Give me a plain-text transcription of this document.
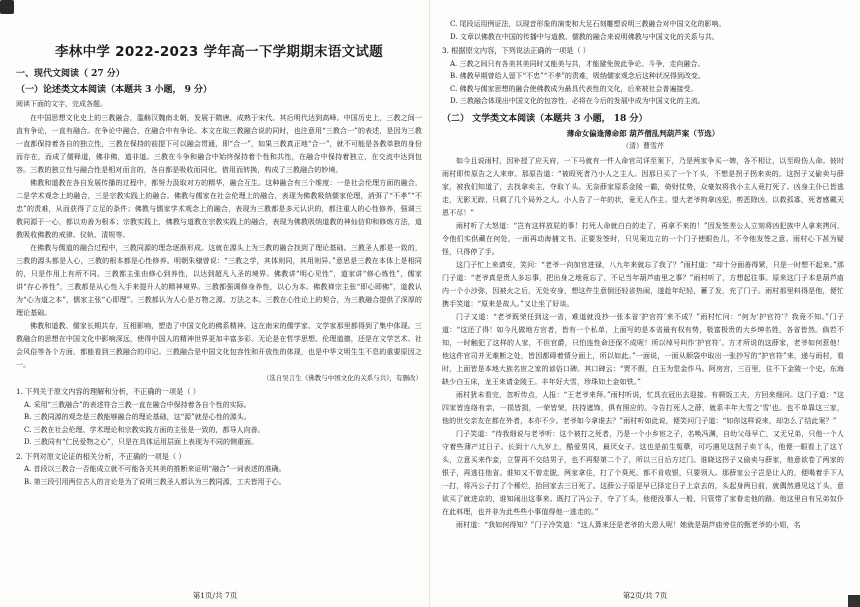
李林中学 2022-2023 学年高一下学期期末语文试题
一、现代文阅读（ 27 分）
（一）论述类文本阅读（本题共 3 小题， 9 分）
阅读下面的文字，完成各题。

在中国思想文化史上的三教融合，滥觞汉魏南北朝，发展于隋唐，成熟于宋代。其后明代达到高峰。中国历史上，三教之间一直有争论，一直有融合。在争论中融合，在融合中有争论。本文在取三教融合说的同时，也注意用“三教合一”的表述，是因为三教一直都保持着各自的独立性，三教在保持的前提下可以融会贯通，即“合一”，如果三教真正地“合一”，就不可能是各教单独的身份而存在，而成了儒释道，佛非佛，道非道。三教在斗争和融合中始终保持着个性和共性，在融合中保持着独立，在交流中达到包容。三教的独立性与融合性是相对而言的，各自都是吸收而同化，借用而转换，构成了三教融合的妙境。

佛教和道教在各自发展传播的过程中，都努力汲取对方的精华，融合互生。这种融合有三个维度：一是社会伦理方面的融合，二是学术观念上的融合，三是宗教实践上的融合。佛教与儒家在社会伦理上的融合，表现为佛教吸纳儒家伦理，消弭了“不孝”“不忠”的责难，从而获得了立足的条件；佛教与儒家学术观念上的融合，表现为三教都是多元认识的，都注重人的心性修养，强调三教同源于一心，都以劝善为根本；宗教实践上，佛教与道教在宗教实践上的融合，表现为佛教吸纳道教的神仙信仰和修炼方法，道教吸收佛教的戒律、仪轨、清规等。

在佛教与儒道的融合过程中，三教同源的理念逐渐形成。这就在源头上为三教的融合找到了理论基础。三教圣人都是一致的，三教的源头都是人心，三教的根本都是心性修养。明朝朱棣曾说：“三教之学，其体则同，其用则异。”意思是三教在本体上是相同的，只是作用上有所不同。三教都主张由修心到养性，以达到超凡入圣的境界。佛教讲“明心见性”，道家讲“修心炼性”，儒家讲“存心养性”，三教都是从心性入手来提升人的精神境界。三教都强调修身养性，以心为本。佛教禅宗主张“即心即佛”，道教认为“心为道之本”，儒家主张“心即理”。三教都认为人心是万物之源、万法之本。三教在心性论上的契合，为三教融合提供了深厚的理论基础。

佛教和道教、儒家长期共存，互相影响，塑造了中国文化的佛系精神。这在南宋的儒学家、文学家那里都得到了集中体现。三教融合的思想在中国文化中影响深远，使得中国人的精神世界更加丰富多彩。无论是在哲学思想、伦理道德，还是在文学艺术、社会风俗等各个方面，都能看到三教融合的印记。三教融合是中国文化包容性和开放性的体现，也是中华文明生生不息的重要原因之一。

（选自吴言生《佛教与中国文化的关系与共》，有删改）
1. 下列关于原文内容的理解和分析，不正确的一项是（ ）
A. 采用“三教融合”的表述符合三教一直在融合中保持着各自个性的实际。
B. 三教同源的观念是三教能够融合的理论基础，这“源”就是心性的源头。
C. 三教在社会伦理、学术理论和宗教实践方面的主张是一致的，都导人向善。
D. 三教同有“仁民爱物之心”，只是在具体运用层面上表现为不同的侧重面。
2. 下列对原文论证的相关分析，不正确的一项是（ ）
A. 首段以三教合一否能成立就不可能各关其美的推断来证明“融合”一词表述的准确。
B. 第三段引用两位古人的言论是为了说明三教圣人都认为三教同源，工夫皆用于心。
第1页/共 7页
C. 尾段运用例证法，以现音形象的演变和大足石刻雕塑说明三教融合对中国文化的影响。
D. 文章以佛教在中国的传播中与道教、儒教的融合来说明佛教与中国文化的关系与共。
3. 根据原文内容，下列说法正确的一项是（ ）
A. 三教之间只有各美其美同时又能美与共，才能避免彼此争论、斗争，走向融合。
B. 佛教早期曾给人留下“不忠”“不孝”的责难，吸纳儒家观念后这种状况得到改变。
C. 佛教与儒家思想的融合使佛教成为最具代表性的文化，后来被社会普遍接受。
D. 三教融合体现出中国文化的包容性，必将在今后的发展中成为中国文化的主流。
（二） 文学类文本阅读（本题共 3 小题， 18 分）
薄命女偏逢薄命郎 葫芦僧乱判葫芦案（节选）
（清）曹雪芹

如今且说雨村，因补授了应天府，一下马就有一件人命官司详至案下，乃是两家争买一婢，各不相让，以至殴伤人命。彼时雨村即传原告之人来审。那原告道：“被殴死者乃小人之主人。因那日买了一个丫头，不想是拐子拐来卖的。这拐子又偷卖与薛家，被我们知道了，去找拿卖主，夺取丫头。无奈薛家原系金陵一霸，倚财仗势，众豪奴将我小主人竟打死了。凶身主仆已皆逃走，无影无踪，只剩了几个局外之人。小人告了一年的状，竟无人作主。望大老爷拘拿凶犯，剪恶除凶，以救孤寡，死者感戴天恩不尽！”

雨村听了大怒道：“岂有这样放屁的事！打死人命就白白的走了，再拿不来的！”因发签差公人立刻将凶犯族中人拿来拷问，令他们实供藏在何处，一面再动海捕文书。正要发签时，只见案边立的一个门子使眼色儿，不令他发签之意。雨村心下甚为疑怪，只得停了手。

这门子忙上来请安，笑问：“老爷一向加官进禄，八九年来就忘了我了？”雨村道：“却十分面善得紧，只是一时想不起来。”那门子道：“老爷真是贵人多忘事，把出身之地竟忘了，不记当年葫芦庙里之事？”雨村听了，方想起往事。原来这门子本是葫芦庙内一个小沙弥，因被火之后，无处安身，想这件生意倒还轻省热闹，遂趁年纪轻，蓄了发，充了门子。雨村那里料得是他，便忙携手笑道：“原来是故人。”又让坐了好谈。

门子又道：“老爷既荣任到这一省，难道就没抄一张本省‘护官符’来不成？”雨村忙问：“何为‘护官符’？我竟不知。”门子道：“这还了得！如今凡做地方官者，皆有一个私单，上面写的是本省最有权有势，极富极贵的大乡绅名姓，各省皆然。倘若不知，一时触犯了这样的人家，不但官爵，只怕连性命还保不成呢！所以绰号叫作‘护官符’。方才所说的这薛家，老爷如何惹他！他这件官司并无难断之处，皆因都碍着情分面上，所以如此。”一面说，一面从顺袋中取出一张抄写的“护官符”来，递与雨村，看时，上面皆是本地大族名宦之家的谚俗口碑。其口碑云：“贾不假，白玉为堂金作马。阿房宫，三百里，住不下金陵一个史。东海缺少白玉床，龙王来请金陵王。丰年好大雪，珍珠如土金如铁。”

雨村犹未看完，忽听传点，人报：“王老爷来拜。”雨村听说，忙具衣冠出去迎接。有顿饭工夫，方回来细问。这门子道：“这四家皆连络有亲，一损皆损，一荣皆荣，扶持遮饰，俱有照应的。今告打死人之薛，就系丰年大雪之‘雪’也。也不单靠这三家，他的世交亲友在都在外者，本亦不少。老爷如今拿谁去？”雨村听如此说，便笑问门子道：“如你这样说来，却怎么了结此案？”

门子笑道：“待我细说与老爷听：这个被打之死者，乃是一个小乡宦之子，名唤冯渊，自幼父母早亡，又无兄弟，只他一个人守着些薄产过日子。长到十八九岁上，酷爱男风，最厌女子。这也是前生冤孽，可巧遇见这拐子卖丫头，他便一眼看上了这丫头，立意买来作妾，立誓再不交结男子，也不再娶第二个了，所以三日后方过门。谁晓这拐子又偷卖与薛家，他意欲卷了两家的银子，再逃往他省。谁知又不曾走脱，两家拿住，打了个臭死，都不肯收银，只要领人。那薛家公子岂是让人的，便喝着手下人一打，将冯公子打了个稀烂，抬回家去三日死了。这薛公子原是早已择定日子上京去的，头起身两日前，就偶然遇见这丫头，意欲买了就进京的，谁知闹出这事来。既打了冯公子，夺了丫头，他便没事人一般，只管带了家眷走他的路。他这里自有兄弟奴仆在此料理，也并非为此些些小事值得他一逃走的。”

雨村道：“我如何得知？”门子冷笑道：“这人算来还是老爷的大恩人呢！她就是葫芦庙旁住的甄老爷的小姐，名

第2页/共 7页
